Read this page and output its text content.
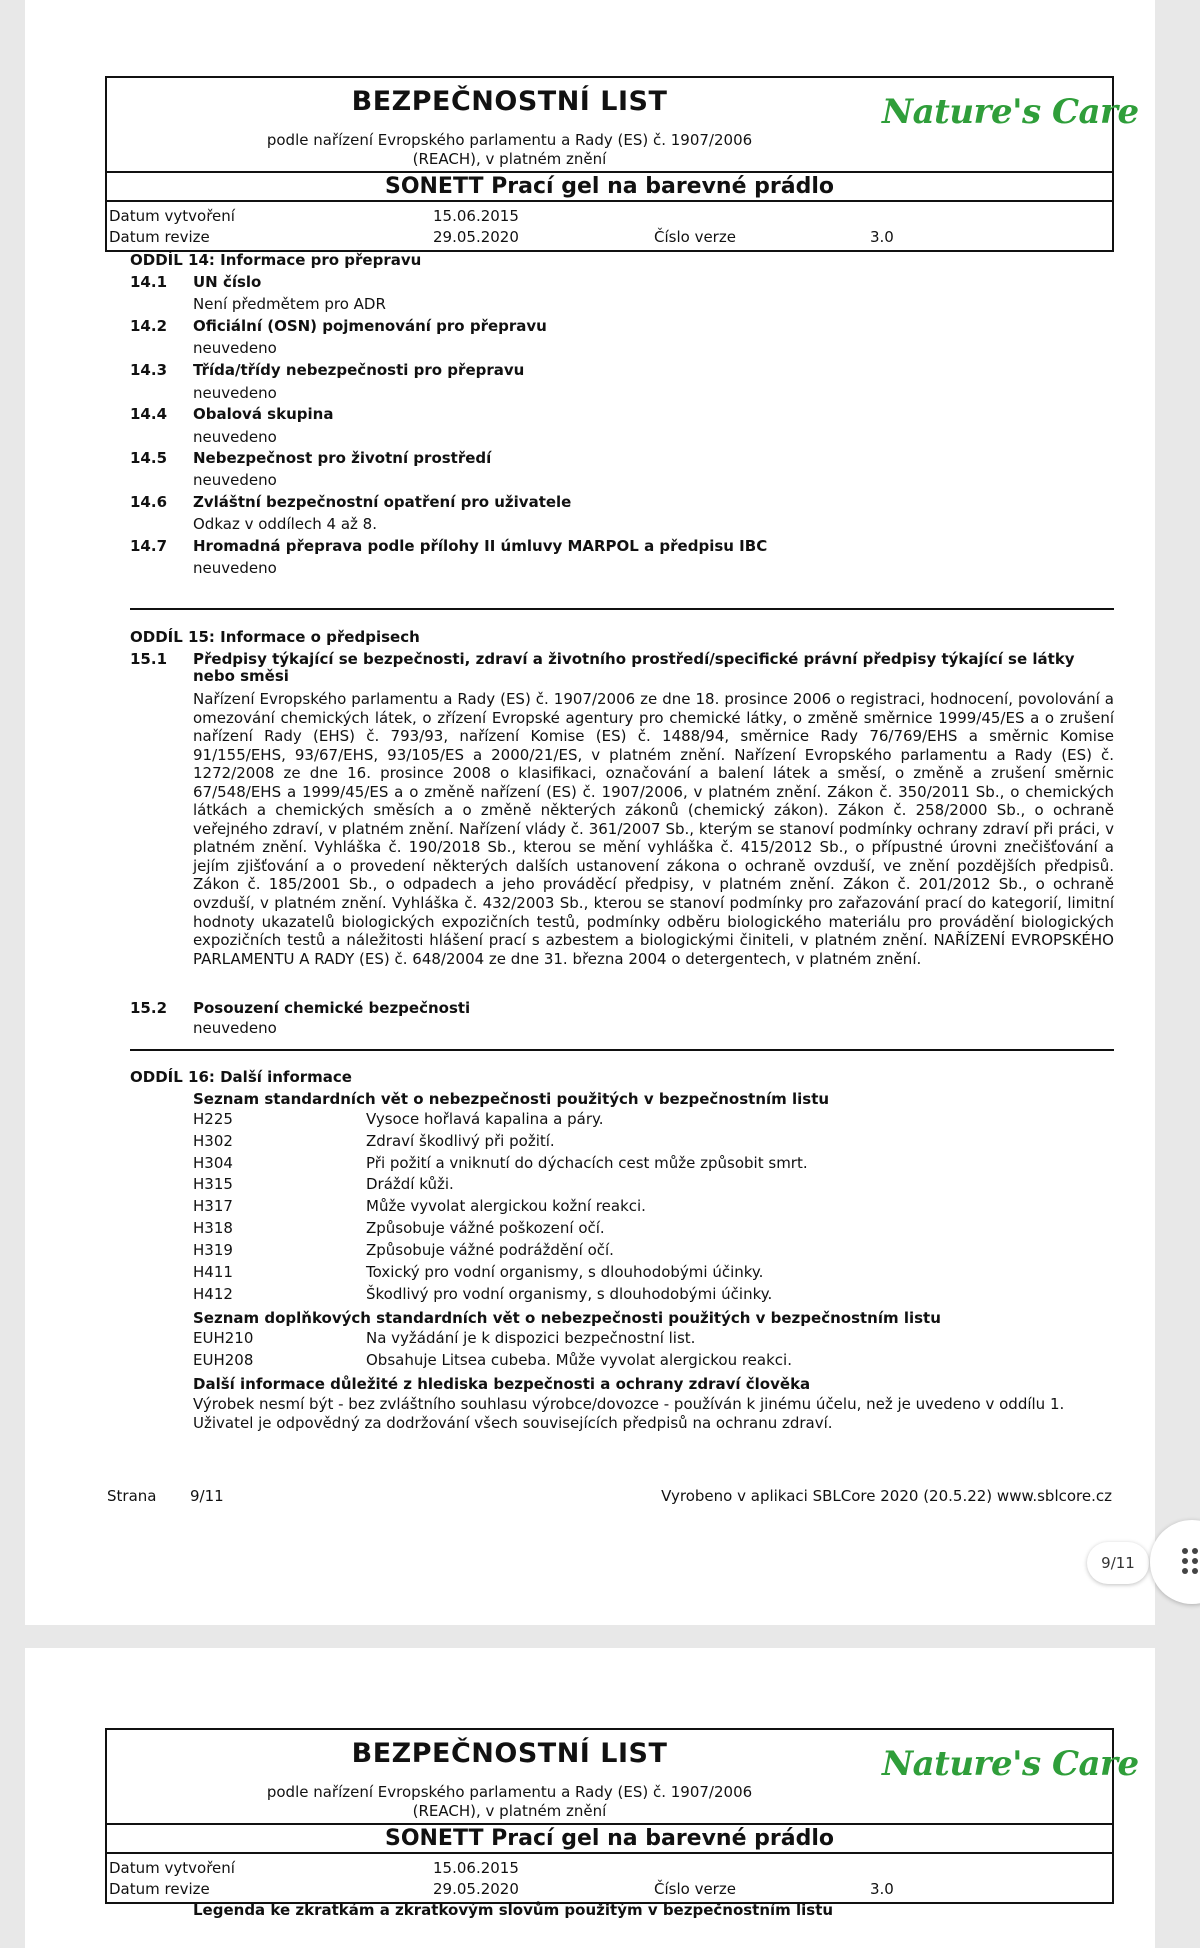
BEZPEČNOSTNÍ LIST	Nature's Care
podle nařízení Evropského parlamentu a Rady (ES) č. 1907/2006
(REACH), v platném znění
SONETT Prací gel na barevné prádlo
Datum vytvoření	15.06.2015
Datum revize	29.05.2020	Číslo verze	3.0
ODDÍL 14: Informace pro přepravu
14.1 UN číslo
Není předmětem pro ADR
14.2 Oficiální (OSN) pojmenování pro přepravu
neuvedeno
14.3 Třída/třídy nebezpečnosti pro přepravu
neuvedeno
14.4 Obalová skupina
neuvedeno
14.5 Nebezpečnost pro životní prostředí
neuvedeno
14.6 Zvláštní bezpečnostní opatření pro uživatele
Odkaz v oddílech 4 až 8.
14.7 Hromadná přeprava podle přílohy II úmluvy MARPOL a předpisu IBC
neuvedeno
ODDÍL 15: Informace o předpisech
15.1 Předpisy týkající se bezpečnosti, zdraví a životního prostředí/specifické právní předpisy týkající se látky
nebo směsi
Nařízení Evropského parlamentu a Rady (ES) č. 1907/2006 ze dne 18. prosince 2006 o registraci, hodnocení, povolování a omezování chemických látek, o zřízení Evropské agentury pro chemické látky, o změně směrnice 1999/45/ES a o zrušení nařízení Rady (EHS) č. 793/93, nařízení Komise (ES) č. 1488/94, směrnice Rady 76/769/EHS a směrnic Komise 91/155/EHS, 93/67/EHS, 93/105/ES a 2000/21/ES, v platném znění. Nařízení Evropského parlamentu a Rady (ES) č. 1272/2008 ze dne 16. prosince 2008 o klasifikaci, označování a balení látek a směsí, o změně a zrušení směrnic 67/548/EHS a 1999/45/ES a o změně nařízení (ES) č. 1907/2006, v platném znění. Zákon č. 350/2011 Sb., o chemických látkách a chemických směsích a o změně některých zákonů (chemický zákon). Zákon č. 258/2000 Sb., o ochraně veřejného zdraví, v platném znění. Nařízení vlády č. 361/2007 Sb., kterým se stanoví podmínky ochrany zdraví při práci, v platném znění. Vyhláška č. 190/2018 Sb., kterou se mění vyhláška č. 415/2012 Sb., o přípustné úrovni znečišťování a jejím zjišťování a o provedení některých dalších ustanovení zákona o ochraně ovzduší, ve znění pozdějších předpisů. Zákon č. 185/2001 Sb., o odpadech a jeho prováděcí předpisy, v platném znění. Zákon č. 201/2012 Sb., o ochraně ovzduší, v platném znění. Vyhláška č. 432/2003 Sb., kterou se stanoví podmínky pro zařazování prací do kategorií, limitní hodnoty ukazatelů biologických expozičních testů, podmínky odběru biologického materiálu pro provádění biologických expozičních testů a náležitosti hlášení prací s azbestem a biologickými činiteli, v platném znění. NAŘÍZENÍ EVROPSKÉHO PARLAMENTU A RADY (ES) č. 648/2004 ze dne 31. března 2004 o detergentech, v platném znění.
15.2 Posouzení chemické bezpečnosti
neuvedeno
ODDÍL 16: Další informace
Seznam standardních vět o nebezpečnosti použitých v bezpečnostním listu
H225	Vysoce hořlavá kapalina a páry.
H302	Zdraví škodlivý při požití.
H304	Při požití a vniknutí do dýchacích cest může způsobit smrt.
H315	Dráždí kůži.
H317	Může vyvolat alergickou kožní reakci.
H318	Způsobuje vážné poškození očí.
H319	Způsobuje vážné podráždění očí.
H411	Toxický pro vodní organismy, s dlouhodobými účinky.
H412	Škodlivý pro vodní organismy, s dlouhodobými účinky.
Seznam doplňkových standardních vět o nebezpečnosti použitých v bezpečnostním listu
EUH210	Na vyžádání je k dispozici bezpečnostní list.
EUH208	Obsahuje Litsea cubeba. Může vyvolat alergickou reakci.
Další informace důležité z hlediska bezpečnosti a ochrany zdraví člověka
Výrobek nesmí být - bez zvláštního souhlasu výrobce/dovozce - používán k jinému účelu, než je uvedeno v oddílu 1. Uživatel je odpovědný za dodržování všech souvisejících předpisů na ochranu zdraví.
Strana 9/11	Vyrobeno v aplikaci SBLCore 2020 (20.5.22) www.sblcore.cz
9/11
BEZPEČNOSTNÍ LIST	Nature's Care
podle nařízení Evropského parlamentu a Rady (ES) č. 1907/2006
(REACH), v platném znění
SONETT Prací gel na barevné prádlo
Datum vytvoření	15.06.2015
Datum revize	29.05.2020	Číslo verze	3.0
Legenda ke zkratkám a zkratkovým slovům použitým v bezpečnostním listu
